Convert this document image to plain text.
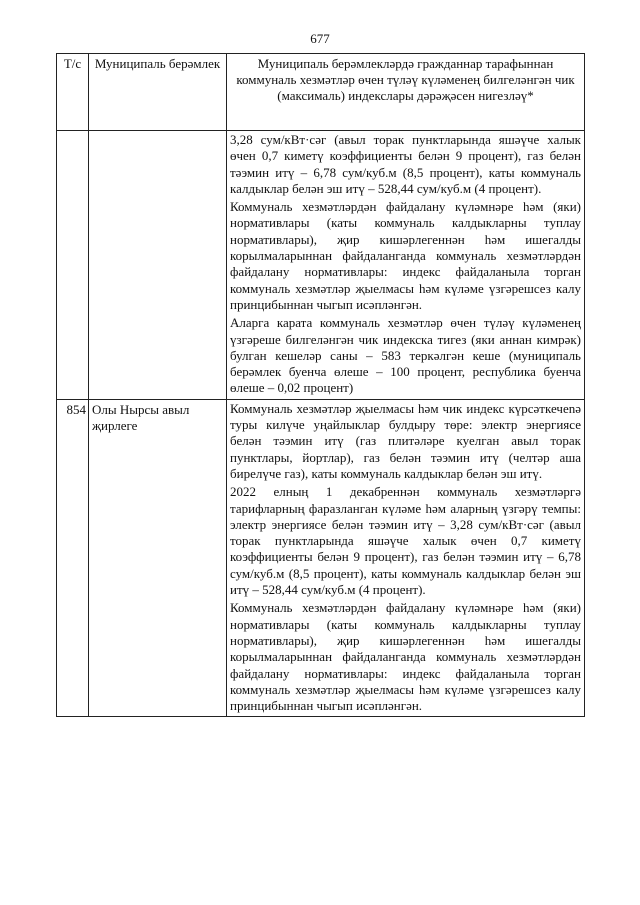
677
Т/с	Муниципаль берәмлек	Муниципаль берәмлекләрдә гражданнар тарафыннан коммуналь хезмәтләр өчен түләү күләменең билгеләнгән чик (максималь) индекслары дәрәҗәсен нигезләү*

		3,28 сум/кВт·сәг (авыл торак пунктларында яшәүче халык өчен 0,7 киметү коэффициенты белән 9 процент), газ белән тәэмин итү – 6,78 сум/куб.м (8,5 процент), каты коммуналь калдыклар белән эш итү – 528,44 сум/куб.м (4 процент).

Коммуналь хезмәтләрдән файдалану күләмнәре һәм (яки) нормативлары (каты коммуналь калдыкларны туплау нормативлары), җир кишәрлегеннән һәм ишегалды корылмаларыннан файдаланганда коммуналь хезмәтләрдән файдалану нормативлары: индекс файдаланыла торган коммуналь хезмәтләр җыелмасы һәм күләме үзгәрешсез калу принцибыннан чыгып исәпләнгән.

Аларга карата коммуналь хезмәтләр өчен түләү күләменең үзгәреше билгеләнгән чик индекска тигез (яки аннан кимрәк) булган кешеләр саны – 583 теркәлгән кеше (муниципаль берәмлек буенча өлеше – 100 процент, республика буенча өлеше – 0,02 процент)

854	Олы Нырсы авыл җирлеге	Коммуналь хезмәтләр җыелмасы һәм чик индекс күрсәткечenә туры килүче уңайлыклар булдыру төре: электр энергиясе белән тәэмин итү (газ плитәләре куелган авыл торак пунктлары, йортлар), газ белән тәэмин итү (челтәр аша бирелүче газ), каты коммуналь калдыклар белән эш итү.

2022 елның 1 декабреннән коммуналь хезмәтләргә тарифларның фаразланган күләме һәм аларның үзгәрү темпы: электр энергиясе белән тәэмин итү – 3,28 сум/кВт·сәг (авыл торак пунктларында яшәүче халык өчен 0,7 киметү коэффициенты белән 9 процент), газ белән тәэмин итү – 6,78 сум/куб.м (8,5 процент), каты коммуналь калдыклар белән эш итү – 528,44 сум/куб.м (4 процент).

Коммуналь хезмәтләрдән файдалану күләмнәре һәм (яки) нормативлары (каты коммуналь калдыкларны туплау нормативлары), җир кишәрлегеннән һәм ишегалды корылмаларыннан файдаланганда коммуналь хезмәтләрдән файдалану нормативлары: индекс файдаланыла торган коммуналь хезмәтләр җыелмасы һәм күләме үзгәрешсез калу принцибыннан чыгып исәпләнгән.
